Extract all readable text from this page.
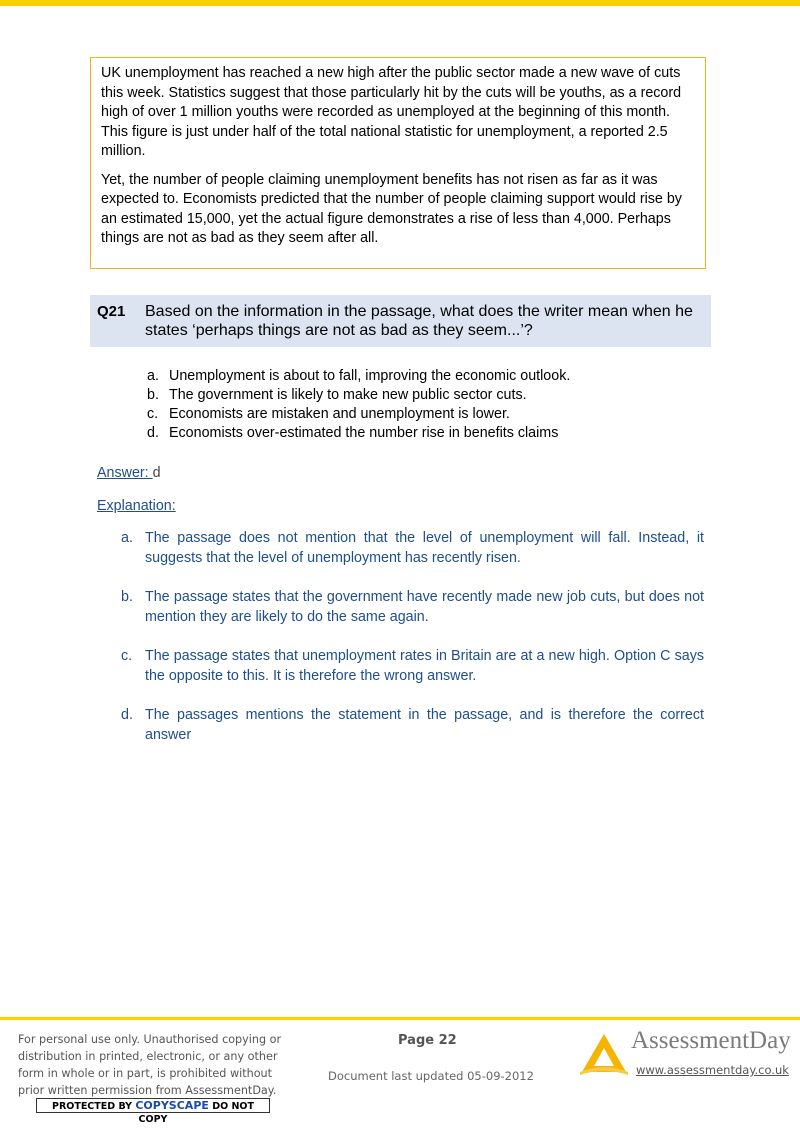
UK unemployment has reached a new high after the public sector made a new wave of cuts this week. Statistics suggest that those particularly hit by the cuts will be youths, as a record high of over 1 million youths were recorded as unemployed at the beginning of this month. This figure is just under half of the total national statistic for unemployment, a reported 2.5 million.

Yet, the number of people claiming unemployment benefits has not risen as far as it was expected to. Economists predicted that the number of people claiming support would rise by an estimated 15,000, yet the actual figure demonstrates a rise of less than 4,000. Perhaps things are not as bad as they seem after all.

Q21 Based on the information in the passage, what does the writer mean when he states ‘perhaps things are not as bad as they seem...’?
a. Unemployment is about to fall, improving the economic outlook.
b. The government is likely to make new public sector cuts.
c. Economists are mistaken and unemployment is lower.
d. Economists over-estimated the number rise in benefits claims
Answer: d
Explanation:
a. The passage does not mention that the level of unemployment will fall. Instead, it suggests that the level of unemployment has recently risen.
b. The passage states that the government have recently made new job cuts, but does not mention they are likely to do the same again.
c. The passage states that unemployment rates in Britain are at a new high. Option C says the opposite to this. It is therefore the wrong answer.
d. The passages mentions the statement in the passage, and is therefore the correct answer
For personal use only. Unauthorised copying or
distribution in printed, electronic, or any other
form in whole or in part, is prohibited without
prior written permission from AssessmentDay.
PROTECTED BY COPYSCAPE DO NOT COPY
Page 22
Document last updated 05-09-2012
AssessmentDay
www.assessmentday.co.uk
